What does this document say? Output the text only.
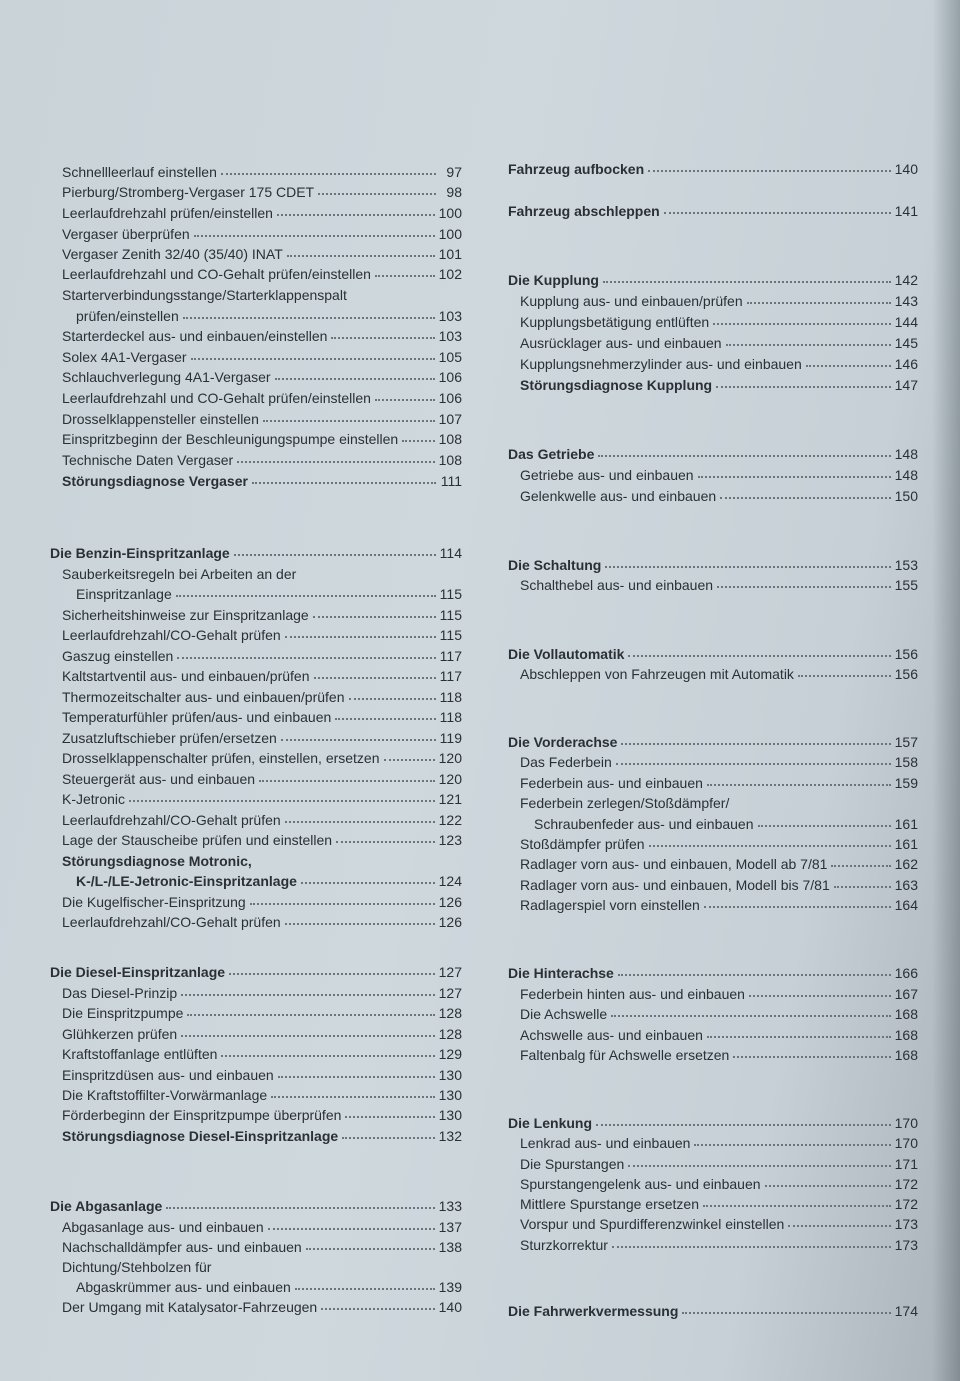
Schnellleerlauf einstellen	97
Pierburg/Stromberg-Vergaser 175 CDET	98
Leerlaufdrehzahl prüfen/einstellen	100
Vergaser überprüfen	100
Vergaser Zenith 32/40 (35/40) INAT	101
Leerlaufdrehzahl und CO-Gehalt prüfen/einstellen	102
Starterverbindungsstange/Starterklappenspalt
prüfen/einstellen	103
Starterdeckel aus- und einbauen/einstellen	103
Solex 4A1-Vergaser	105
Schlauchverlegung 4A1-Vergaser	106
Leerlaufdrehzahl und CO-Gehalt prüfen/einstellen	106
Drosselklappensteller einstellen	107
Einspritzbeginn der Beschleunigungspumpe einstellen	108
Technische Daten Vergaser	108
Störungsdiagnose Vergaser	111
Die Benzin-Einspritzanlage	114
Sauberkeitsregeln bei Arbeiten an der
Einspritzanlage	115
Sicherheitshinweise zur Einspritzanlage	115
Leerlaufdrehzahl/CO-Gehalt prüfen	115
Gaszug einstellen	117
Kaltstartventil aus- und einbauen/prüfen	117
Thermozeitschalter aus- und einbauen/prüfen	118
Temperaturfühler prüfen/aus- und einbauen	118
Zusatzluftschieber prüfen/ersetzen	119
Drosselklappenschalter prüfen, einstellen, ersetzen	120
Steuergerät aus- und einbauen	120
K-Jetronic	121
Leerlaufdrehzahl/CO-Gehalt prüfen	122
Lage der Stauscheibe prüfen und einstellen	123
Störungsdiagnose Motronic,
K-/L-/LE-Jetronic-Einspritzanlage	124
Die Kugelfischer-Einspritzung	126
Leerlaufdrehzahl/CO-Gehalt prüfen	126
Die Diesel-Einspritzanlage	127
Das Diesel-Prinzip	127
Die Einspritzpumpe	128
Glühkerzen prüfen	128
Kraftstoffanlage entlüften	129
Einspritzdüsen aus- und einbauen	130
Die Kraftstoffilter-Vorwärmanlage	130
Förderbeginn der Einspritzpumpe überprüfen	130
Störungsdiagnose Diesel-Einspritzanlage	132
Die Abgasanlage	133
Abgasanlage aus- und einbauen	137
Nachschalldämpfer aus- und einbauen	138
Dichtung/Stehbolzen für
Abgaskrümmer aus- und einbauen	139
Der Umgang mit Katalysator-Fahrzeugen	140
Fahrzeug aufbocken	140
Fahrzeug abschleppen	141
Die Kupplung	142
Kupplung aus- und einbauen/prüfen	143
Kupplungsbetätigung entlüften	144
Ausrücklager aus- und einbauen	145
Kupplungsnehmerzylinder aus- und einbauen	146
Störungsdiagnose Kupplung	147
Das Getriebe	148
Getriebe aus- und einbauen	148
Gelenkwelle aus- und einbauen	150
Die Schaltung	153
Schalthebel aus- und einbauen	155
Die Vollautomatik	156
Abschleppen von Fahrzeugen mit Automatik	156
Die Vorderachse	157
Das Federbein	158
Federbein aus- und einbauen	159
Federbein zerlegen/Stoßdämpfer/
Schraubenfeder aus- und einbauen	161
Stoßdämpfer prüfen	161
Radlager vorn aus- und einbauen, Modell ab 7/81	162
Radlager vorn aus- und einbauen, Modell bis 7/81	163
Radlagerspiel vorn einstellen	164
Die Hinterachse	166
Federbein hinten aus- und einbauen	167
Die Achswelle	168
Achswelle aus- und einbauen	168
Faltenbalg für Achswelle ersetzen	168
Die Lenkung	170
Lenkrad aus- und einbauen	170
Die Spurstangen	171
Spurstangengelenk aus- und einbauen	172
Mittlere Spurstange ersetzen	172
Vorspur und Spurdifferenzwinkel einstellen	173
Sturzkorrektur	173
Die Fahrwerkvermessung	174
